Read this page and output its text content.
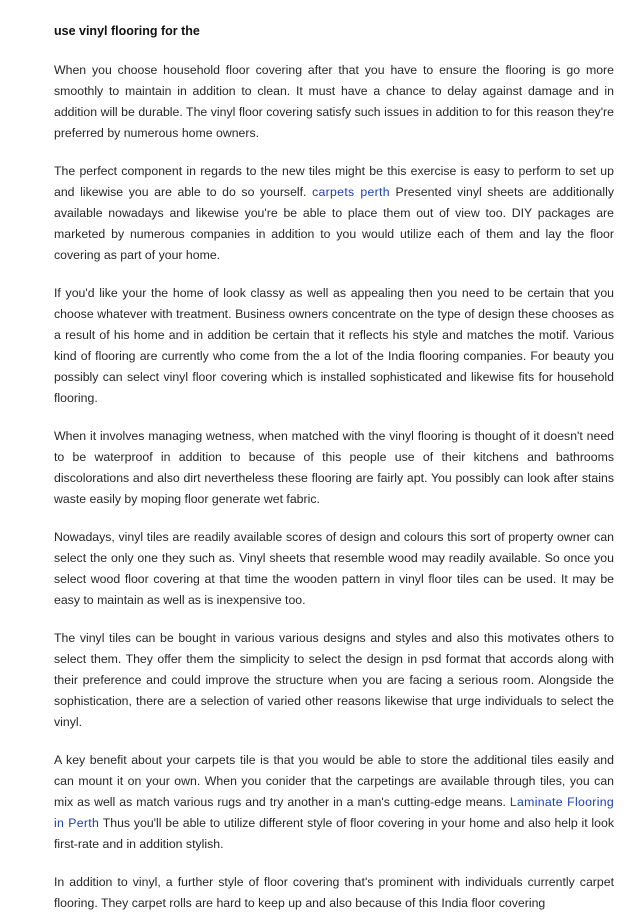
use vinyl flooring for the

When you choose household floor covering after that you have to ensure the flooring is go more smoothly to maintain in addition to clean. It must have a chance to delay against damage and in addition will be durable. The vinyl floor covering satisfy such issues in addition to for this reason they're preferred by numerous home owners.

The perfect component in regards to the new tiles might be this exercise is easy to perform to set up and likewise you are able to do so yourself. carpets perth Presented vinyl sheets are additionally available nowadays and likewise you're be able to place them out of view too. DIY packages are marketed by numerous companies in addition to you would utilize each of them and lay the floor covering as part of your home.

If you'd like your the home of look classy as well as appealing then you need to be certain that you choose whatever with treatment. Business owners concentrate on the type of design these chooses as a result of his home and in addition be certain that it reflects his style and matches the motif. Various kind of flooring are currently who come from the a lot of the India flooring companies. For beauty you possibly can select vinyl floor covering which is installed sophisticated and likewise fits for household flooring.

When it involves managing wetness, when matched with the vinyl flooring is thought of it doesn't need to be waterproof in addition to because of this people use of their kitchens and bathrooms discolorations and also dirt nevertheless these flooring are fairly apt. You possibly can look after stains waste easily by moping floor generate wet fabric.

Nowadays, vinyl tiles are readily available scores of design and colours this sort of property owner can select the only one they such as. Vinyl sheets that resemble wood may readily available. So once you select wood floor covering at that time the wooden pattern in vinyl floor tiles can be used. It may be easy to maintain as well as is inexpensive too.

The vinyl tiles can be bought in various various designs and styles and also this motivates others to select them. They offer them the simplicity to select the design in psd format that accords along with their preference and could improve the structure when you are facing a serious room. Alongside the sophistication, there are a selection of varied other reasons likewise that urge individuals to select the vinyl.

A key benefit about your carpets tile is that you would be able to store the additional tiles easily and can mount it on your own. When you conider that the carpetings are available through tiles, you can mix as well as match various rugs and try another in a man's cutting-edge means. Laminate Flooring in Perth Thus you'll be able to utilize different style of floor covering in your home and also help it look first-rate and in addition stylish.

In addition to vinyl, a further style of floor covering that's prominent with individuals currently carpet flooring. They carpet rolls are hard to keep up and also because of this India floor covering
